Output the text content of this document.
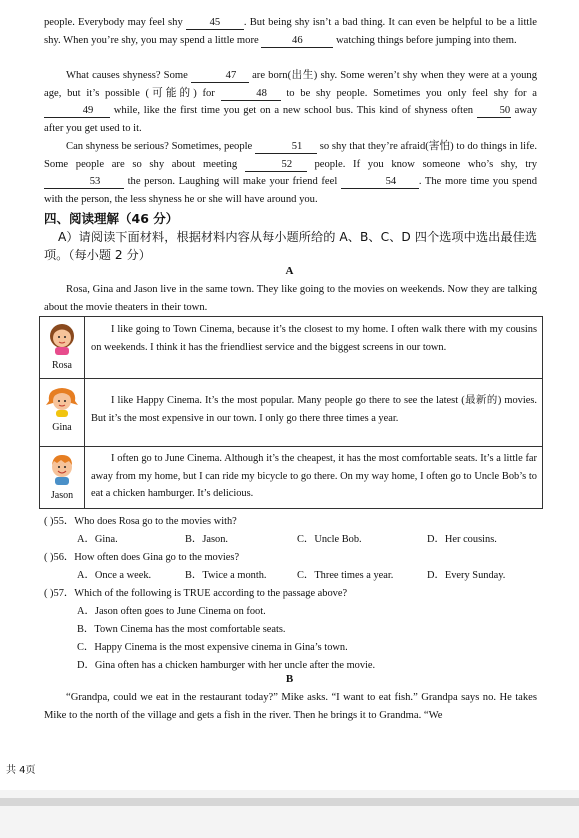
people. Everybody may feel shy 45 . But being shy isn’t a bad thing. It can even be helpful to be a little shy. When you’re shy, you may spend a little more	46	watching things before jumping into them.

What causes shyness? Some	47 are born(出生) shy. Some weren’t shy when they were at a young age, but it’s possible (可能的) for	48 to be shy people. Sometimes you only feel shy for a 49 while, like the first time you get on a new school bus. This kind of shyness often 50 away after you get used to it.

Can shyness be serious? Sometimes, people	51 so shy that they’re afraid(害怕) to do things in life. Some people are so shy about meeting	52 people. If you know someone who’s shy, try 53 the person. Laughing will make your friend feel	54 . The more time you spend with the person, the less shyness he or she will have around you.

四、阅读理解（46 分）

A）请阅读下面材料，根据材料内容从每小题所给的 A、B、C、D 四个选项中选出最佳选项。（每小题 2 分）

A

Rosa, Gina and Jason live in the same town. They like going to the movies on weekends. Now they are talking about the movie theaters in their town.

Rosa	I like going to Town Cinema, because it’s the closest to my home. I often walk there with my cousins on weekends. I think it has the friendliest service and the biggest screens in our town.

Gina	I like Happy Cinema. It’s the most popular. Many people go there to see the latest (最新的) movies. But it’s the most expensive in our town. I only go there three times a year.

Jason	I often go to June Cinema. Although it’s the cheapest, it has the most comfortable seats. It’s a little far away from my home, but I can ride my bicycle to go there. On my way home, I often go to Uncle Bob’s to eat a chicken hamburger. It’s delicious.
( )55．Who does Rosa go to the movies with?
A．Gina.	B．Jason.	C．Uncle Bob.	D．Her cousins.
( )56．How often does Gina go to the movies?
A．Once a week.	B．Twice a month.	C．Three times a year.	D．Every Sunday.
( )57．Which of the following is TRUE according to the passage above?
A．Jason often goes to June Cinema on foot.
B．Town Cinema has the most comfortable seats.
C．Happy Cinema is the most expensive cinema in Gina’s town.
D．Gina often has a chicken hamburger with her uncle after the movie.
B

“Grandpa, could we eat in the restaurant today?” Mike asks. “I want to eat fish.” Grandpa says no. He takes Mike to the north of the village and gets a fish in the river. Then he brings it to Grandma. “We

共 4页
